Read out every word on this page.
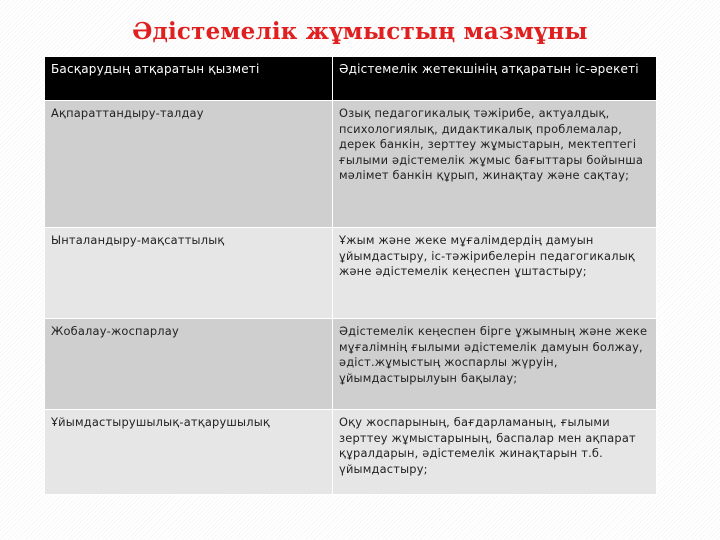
Әдістемелік жұмыстың мазмұны
Басқарудың атқаратын қызметі	Әдістемелік жетекшінің атқаратын іс-әрекеті
Ақпараттандыру-талдау	Озық педагогикалық тәжірибе, актуалдық, психологиялық, дидактикалық проблемалар, дерек банкін, зерттеу жұмыстарын, мектептегі ғылыми әдістемелік жұмыс бағыттары бойынша мәлімет банкін құрып, жинақтау және сақтау;
Ынталандыру-мақсаттылық	Ұжым және жеке мұғалімдердің дамуын ұйымдастыру, іс-тәжірибелерін педагогикалық және әдістемелік кеңеспен ұштастыру;
Жобалау-жоспарлау	Әдістемелік кеңеспен бірге ұжымның және жеке мұғалімнің ғылыми әдістемелік дамуын болжау, әдіст.жұмыстың жоспарлы жүруін, ұйымдастырылуын бақылау;
Ұйымдастырушылық-атқарушылық	Оқу жоспарының, бағдарламаның, ғылыми зерттеу жұмыстарының, баспалар мен ақпарат құралдарын, әдістемелік жинақтарын т.б. үйымдастыру;
